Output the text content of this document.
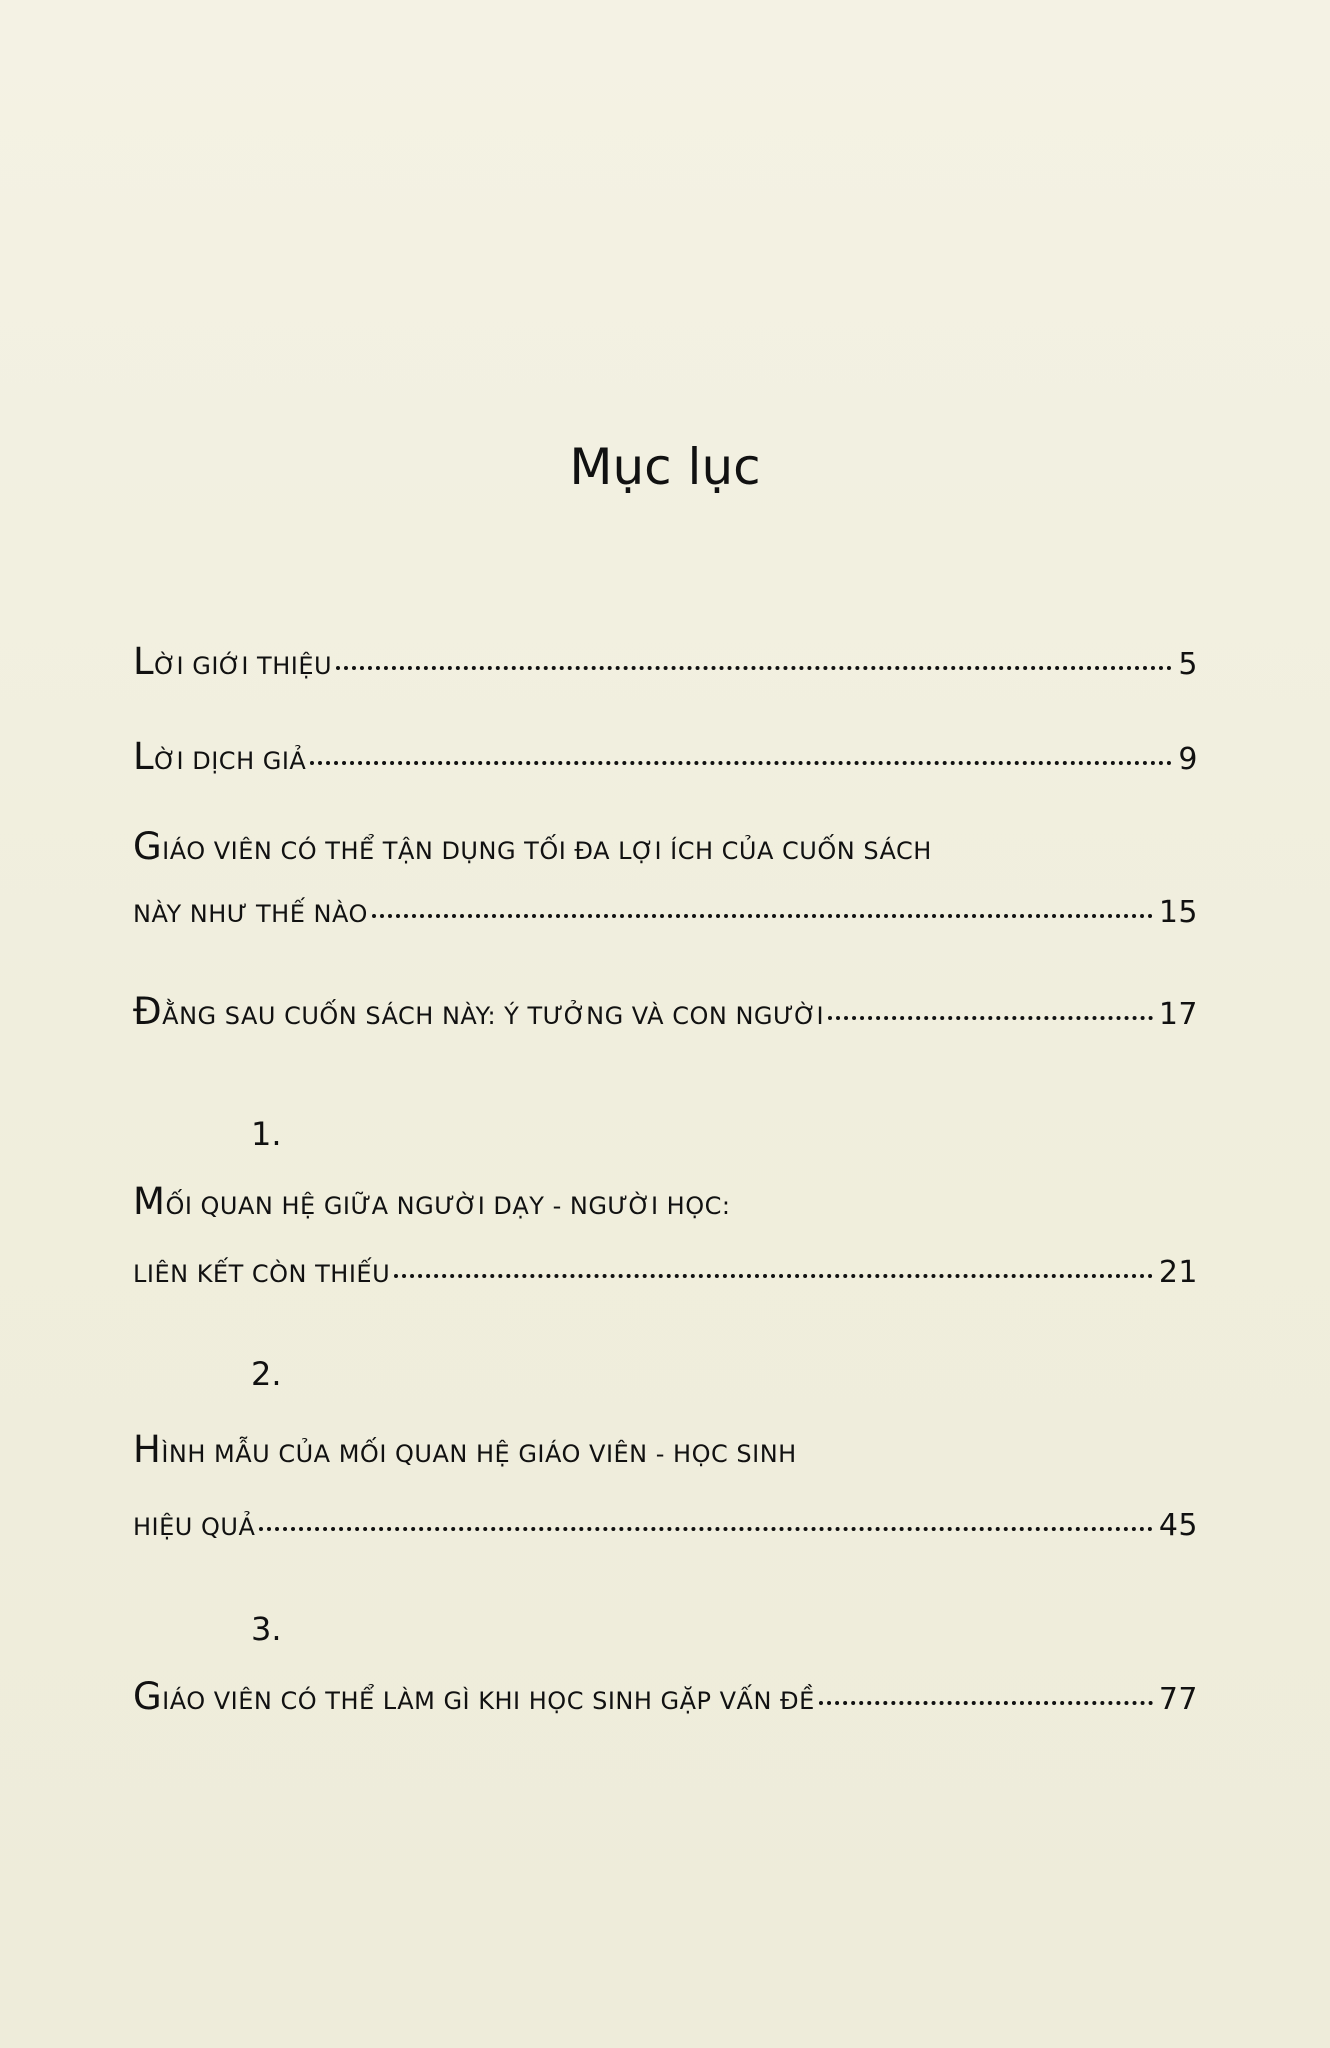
Mục lục
LỜI GIỚI THIỆU	5
LỜI DỊCH GIẢ	9
GIÁO VIÊN CÓ THỂ TẬN DỤNG TỐI ĐA LỢI ÍCH CỦA CUỐN SÁCH
NÀY NHƯ THẾ NÀO	15
ĐẰNG SAU CUỐN SÁCH NÀY: Ý TƯỞNG VÀ CON NGƯỜI	17
1.
MỐI QUAN HỆ GIỮA NGƯỜI DẠY - NGƯỜI HỌC:
LIÊN KẾT CÒN THIẾU	21
2.
HÌNH MẪU CỦA MỐI QUAN HỆ GIÁO VIÊN - HỌC SINH
HIỆU QUẢ	45
3.
GIÁO VIÊN CÓ THỂ LÀM GÌ KHI HỌC SINH GẶP VẤN ĐỀ	77
